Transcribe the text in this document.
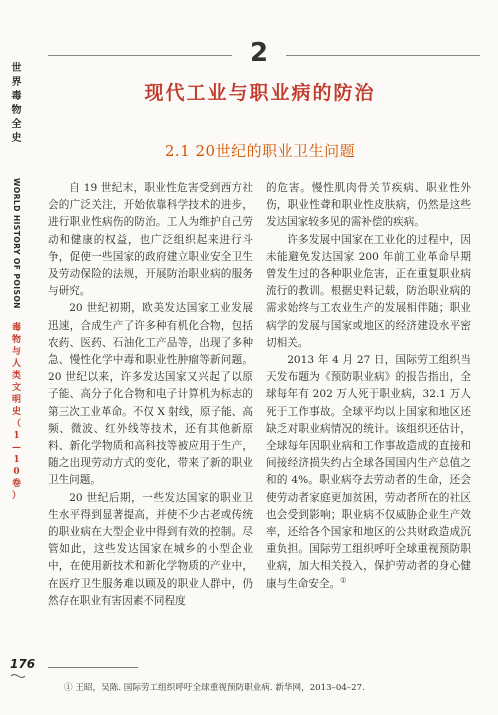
世
界
毒
物
全
史
WORLD HISTORY OF POISON
毒
物
与
人
类
文
明
史
（
1
—
1
0
卷
）
2
现代工业与职业病的防治
2.1 20世纪的职业卫生问题

自 19 世纪末，职业性危害受到西方社会的广泛关注，开始依靠科学技术的进步，进行职业性病伤的防治。工人为维护自己劳动和健康的权益，也广泛组织起来进行斗争，促使一些国家的政府建立职业安全卫生及劳动保险的法规，开展防治职业病的服务与研究。

20 世纪初期，欧美发达国家工业发展迅速，合成生产了许多种有机化合物，包括农药、医药、石油化工产品等，出现了多种急、慢性化学中毒和职业性肿瘤等新问题。20 世纪以来，许多发达国家又兴起了以原子能、高分子化合物和电子计算机为标志的第三次工业革命。不仅 X 射线，原子能、高频、微波、红外线等技术，还有其他新原料、新化学物质和高科技等被应用于生产，随之出现劳动方式的变化，带来了新的职业卫生问题。

20 世纪后期，一些发达国家的职业卫生水平得到显著提高，并使不少古老或传统的职业病在大型企业中得到有效的控制。尽管如此，这些发达国家在城乡的小型企业中，在使用新技术和新化学物质的产业中，在医疗卫生服务难以顾及的职业人群中，仍然存在职业有害因素不同程度

的危害。慢性肌肉骨关节疾病、职业性外伤，职业性聋和职业性皮肤病，仍然是这些发达国家较多见的需补偿的疾病。

许多发展中国家在工业化的过程中，因未能避免发达国家 200 年前工业革命早期曾发生过的各种职业危害，正在重复职业病流行的教训。根据史料记载，防治职业病的需求始终与工农业生产的发展相伴随；职业病学的发展与国家或地区的经济建设水平密切相关。

2013 年 4 月 27 日，国际劳工组织当天发布题为《预防职业病》的报告指出，全球每年有 202 万人死于职业病，32.1 万人死于工作事故。全球平均以上国家和地区还缺乏对职业病情况的统计。该组织还估计，全球每年因职业病和工作事故造成的直接和间接经济损失约占全球各国国内生产总值之和的 4%。职业病夺去劳动者的生命，还会使劳动者家庭更加贫困，劳动者所在的社区也会受到影响；职业病不仅威胁企业生产效率，还给各个国家和地区的公共财政造成沉重负担。国际劳工组织呼吁全球重视预防职业病，加大相关投入，保护劳动者的身心健康与生命安全。①

176
① 王昭，吴陈. 国际劳工组织呼吁全球重视预防职业病. 新华网，2013–04–27.
